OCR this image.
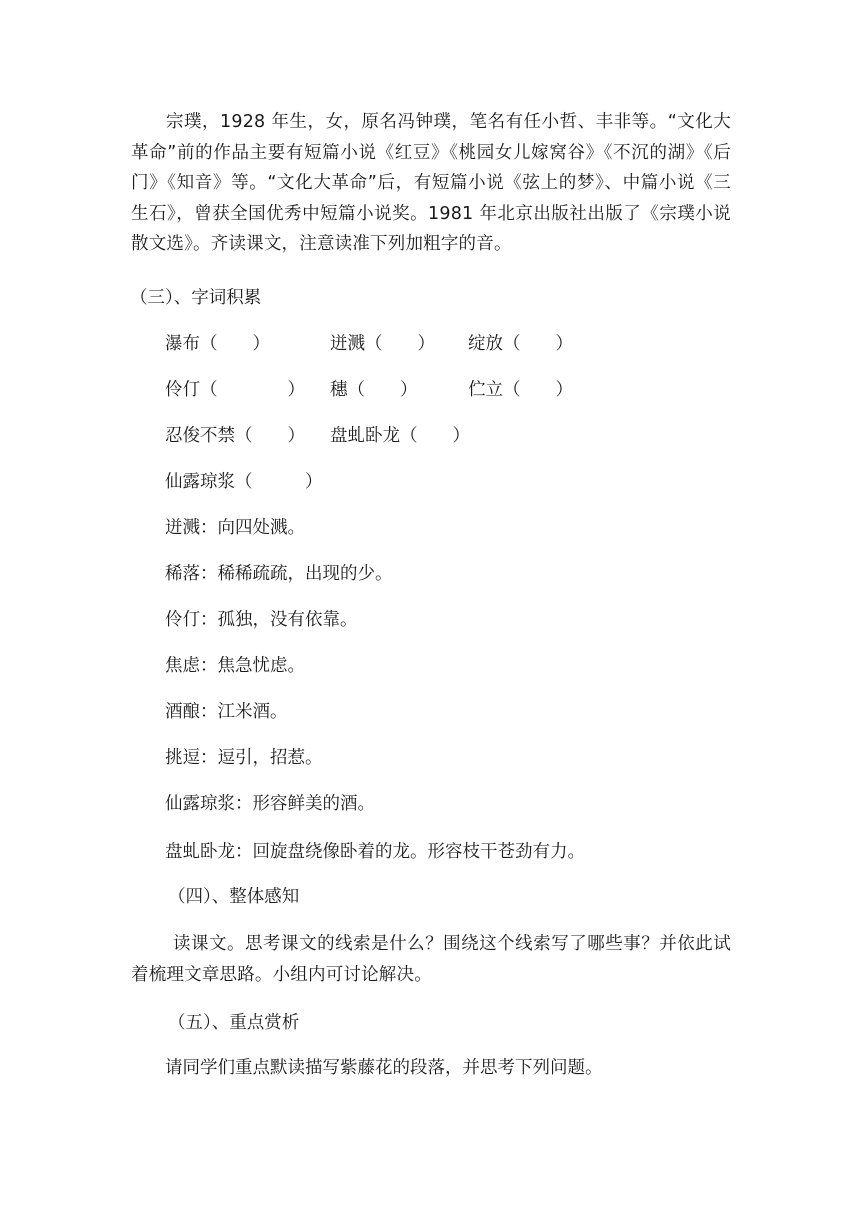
宗璞，1928 年生，女，原名冯钟璞，笔名有任小哲、丰非等。“文化大革命”前的作品主要有短篇小说《红豆》《桃园女儿嫁窝谷》《不沉的湖》《后门》《知音》等。“文化大革命”后，有短篇小说《弦上的梦》、中篇小说《三生石》，曾获全国优秀中短篇小说奖。1981 年北京出版社出版了《宗璞小说散文选》。齐读课文，注意读准下列加粗字的音。

（三）、字词积累

瀑布（　　）	迸溅（　　） 绽放（　　）

伶仃（　　　　） 穗（　　）	伫立（　　）

忍俊不禁（　　） 盘虬卧龙（　　）

仙露琼浆（　　　）

迸溅：向四处溅。

稀落：稀稀疏疏，出现的少。

伶仃：孤独，没有依靠。

焦虑：焦急忧虑。

酒酿：江米酒。

挑逗：逗引，招惹。

仙露琼浆：形容鲜美的酒。

盘虬卧龙：回旋盘绕像卧着的龙。形容枝干苍劲有力。

（四）、整体感知

读课文。思考课文的线索是什么？围绕这个线索写了哪些事？并依此试着梳理文章思路。小组内可讨论解决。

（五）、重点赏析

请同学们重点默读描写紫藤花的段落，并思考下列问题。
